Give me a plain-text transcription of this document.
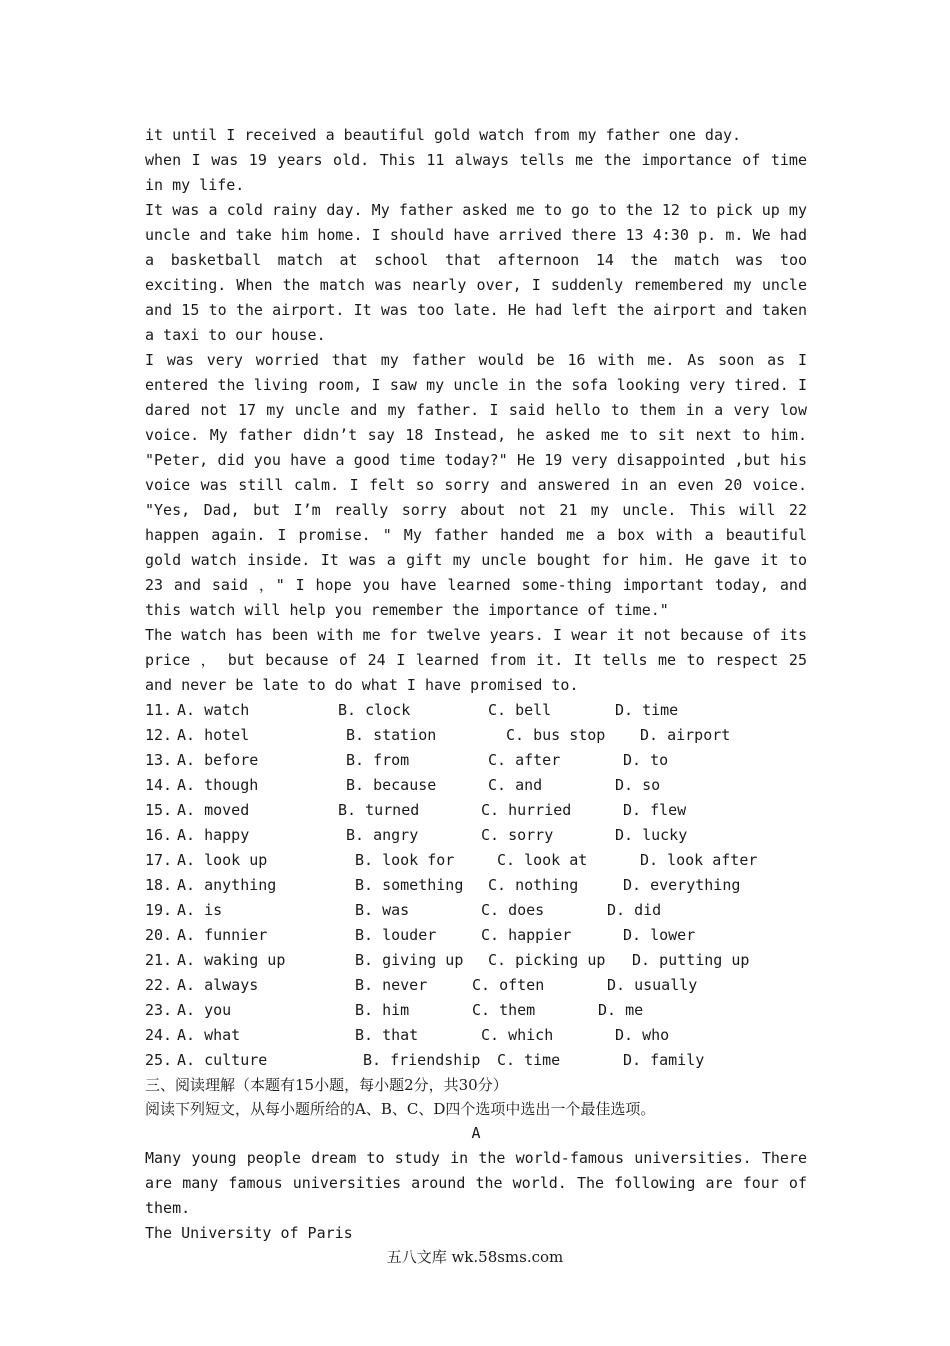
it until I received a beautiful gold watch from my father one day.

when I was 19 years old. This 11 always tells me the importance of time in my life.

It was a cold rainy day. My father asked me to go to the 12 to pick up my uncle and take him home. I should have arrived there 13 4:30 p. m. We had a basketball match at school that afternoon 14 the match was too exciting. When the match was nearly over, I suddenly remembered my uncle and 15 to the airport. It was too late. He had left the airport and taken a taxi to our house.

I was very worried that my father would be 16 with me. As soon as I entered the living room, I saw my uncle in the sofa looking very tired. I dared not 17 my uncle and my father. I said hello to them in a very low voice. My father didn’t say 18 Instead, he asked me to sit next to him. "Peter, did you have a good time today?" He 19 very disappointed ,but his voice was still calm. I felt so sorry and answered in an even 20 voice. "Yes, Dad, but I’m really sorry about not 21 my uncle. This will 22 happen again. I promise. " My father handed me a box with a beautiful gold watch inside. It was a gift my uncle bought for him. He gave it to 23 and said ，" I hope you have learned some-thing important today, and this watch will help you remember the importance of time."

The watch has been with me for twelve years. I wear it not because of its price ， but because of 24 I learned from it. It tells me to respect 25 and never be late to do what I have promised to.

11. A. watch	B. clock	C. bell	D. time
12. A. hotel	B. station	C. bus stop D. airport
13. A. before	B. from	C. after	D. to
14. A. though	B. because	C. and	D. so
15. A. moved	B. turned	C. hurried	D. flew
16. A. happy	B. angry	C. sorry	D. lucky
17. A. look up	B. look for	C. look at	D. look after
18. A. anything	B. something C. nothing	D. everything
19. A. is	B. was	C. does	D. did
20. A. funnier	B. louder	C. happier	D. lower
21. A. waking up	B. giving up C. picking up D. putting up
22. A. always	B. never	C. often	D. usually
23. A. you	B. him	C. them	D. me
24. A. what	B. that	C. which	D. who
25. A. culture	B. friendship C. time	D. family

三、阅读理解（本题有15小题，每小题2分，共30分）

阅读下列短文，从每小题所给的A、B、C、D四个选项中选出一个最佳选项。

A

Many young people dream to study in the world-famous universities. There are many famous universities around the world. The following are four of them.

The University of Paris

五八文库 wk.58sms.com
